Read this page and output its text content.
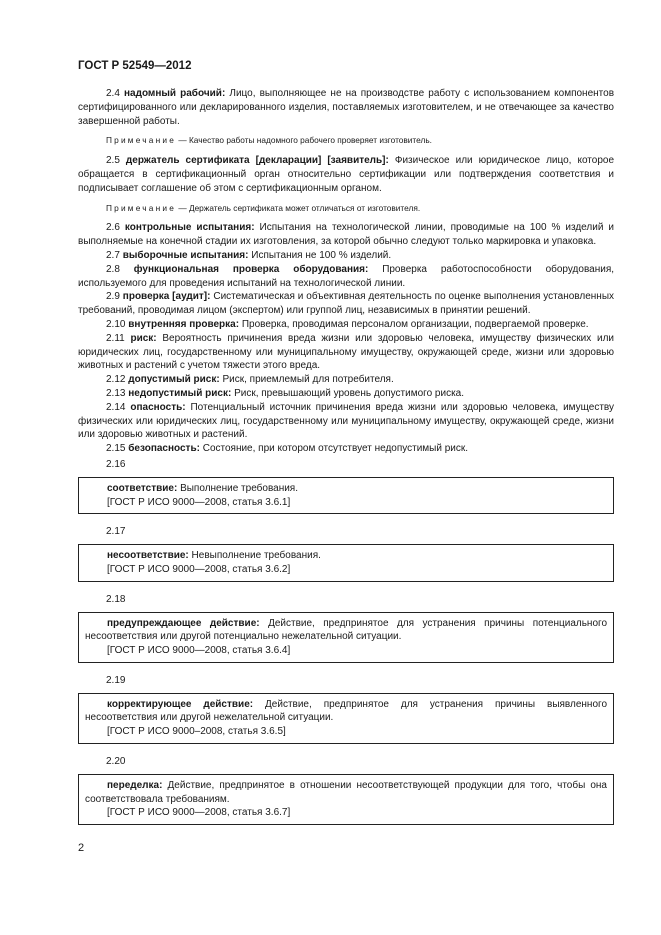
ГОСТ Р 52549—2012

2.4 надомный рабочий: Лицо, выполняющее не на производстве работу с использованием компонентов сертифицированного или декларированного изделия, поставляемых изготовителем, и не отвечающее за качество завершенной работы.

Примечание — Качество работы надомного рабочего проверяет изготовитель.

2.5 держатель сертификата [декларации] [заявитель]: Физическое или юридическое лицо, которое обращается в сертификационный орган относительно сертификации или подтверждения соответствия и подписывает соглашение об этом с сертификационным органом.

Примечание — Держатель сертификата может отличаться от изготовителя.

2.6 контрольные испытания: Испытания на технологической линии, проводимые на 100 % изделий и выполняемые на конечной стадии их изготовления, за которой обычно следуют только маркировка и упаковка.

2.7 выборочные испытания: Испытания не 100 % изделий.

2.8 функциональная проверка оборудования: Проверка работоспособности оборудования, используемого для проведения испытаний на технологической линии.

2.9 проверка [аудит]: Систематическая и объективная деятельность по оценке выполнения установленных требований, проводимая лицом (экспертом) или группой лиц, независимых в принятии решений.

2.10 внутренняя проверка: Проверка, проводимая персоналом организации, подвергаемой проверке.

2.11 риск: Вероятность причинения вреда жизни или здоровью человека, имуществу физических или юридических лиц, государственному или муниципальному имуществу, окружающей среде, жизни или здоровью животных и растений с учетом тяжести этого вреда.

2.12 допустимый риск: Риск, приемлемый для потребителя.

2.13 недопустимый риск: Риск, превышающий уровень допустимого риска.

2.14 опасность: Потенциальный источник причинения вреда жизни или здоровью человека, имуществу физических или юридических лиц, государственному или муниципальному имуществу, окружающей среде, жизни или здоровью животных и растений.

2.15 безопасность: Состояние, при котором отсутствует недопустимый риск.

2.16

соответствие: Выполнение требования.

[ГОСТ Р ИСО 9000—2008, статья 3.6.1]

2.17

несоответствие: Невыполнение требования.

[ГОСТ Р ИСО 9000—2008, статья 3.6.2]

2.18

предупреждающее действие: Действие, предпринятое для устранения причины потенциального несоответствия или другой потенциально нежелательной ситуации.

[ГОСТ Р ИСО 9000—2008, статья 3.6.4]

2.19

корректирующее действие: Действие, предпринятое для устранения причины выявленного несоответствия или другой нежелательной ситуации.

[ГОСТ Р ИСО 9000–2008, статья 3.6.5]

2.20

переделка: Действие, предпринятое в отношении несоответствующей продукции для того, чтобы она соответствовала требованиям.

[ГОСТ Р ИСО 9000—2008, статья 3.6.7]

2
